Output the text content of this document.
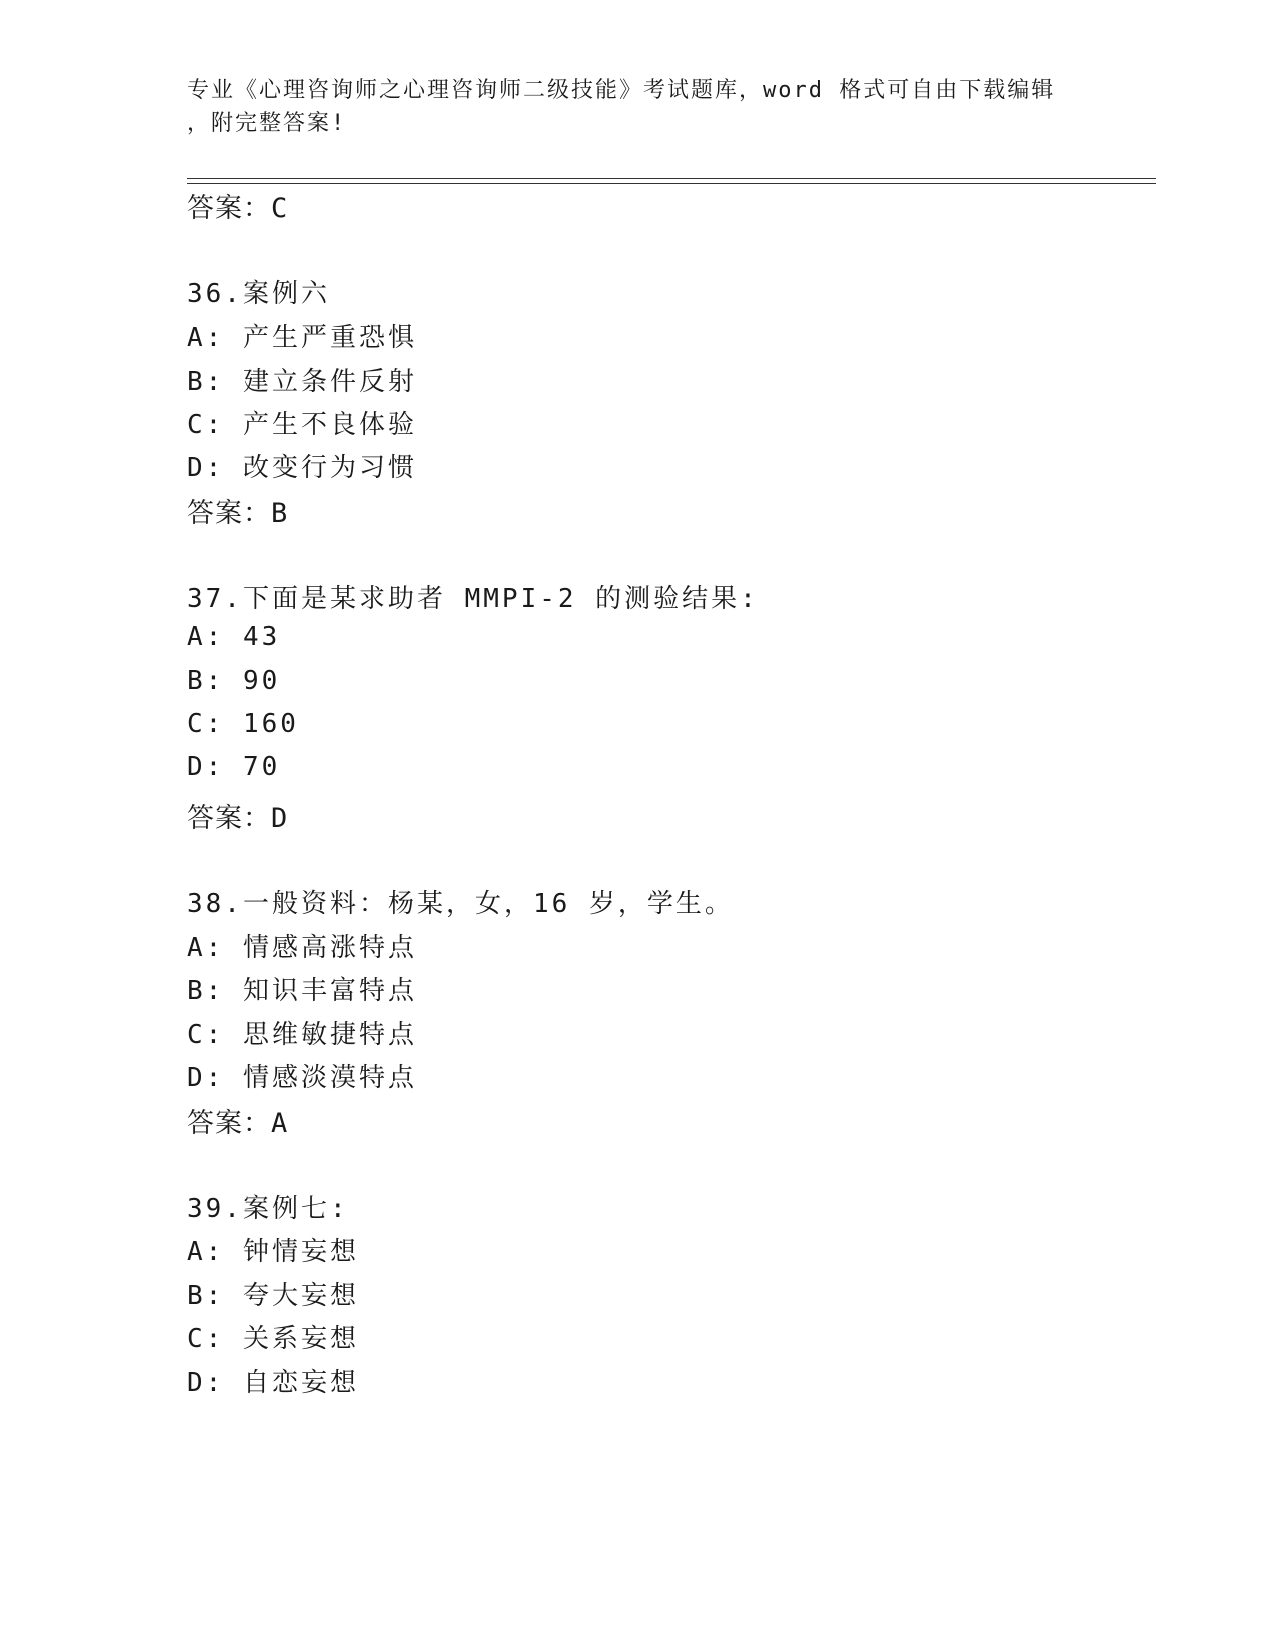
专业《心理咨询师之心理咨询师二级技能》考试题库，word 格式可自由下载编辑
，附完整答案!
答案：C
36.案例六
A: 产生严重恐惧
B: 建立条件反射
C: 产生不良体验
D: 改变行为习惯
答案：B
37.下面是某求助者 MMPI-2 的测验结果:
A: 43
B: 90
C: 160
D: 70
答案：D
38.一般资料：杨某，女，16 岁，学生。
A: 情感高涨特点
B: 知识丰富特点
C: 思维敏捷特点
D: 情感淡漠特点
答案：A
39.案例七:
A: 钟情妄想
B: 夸大妄想
C: 关系妄想
D: 自恋妄想
